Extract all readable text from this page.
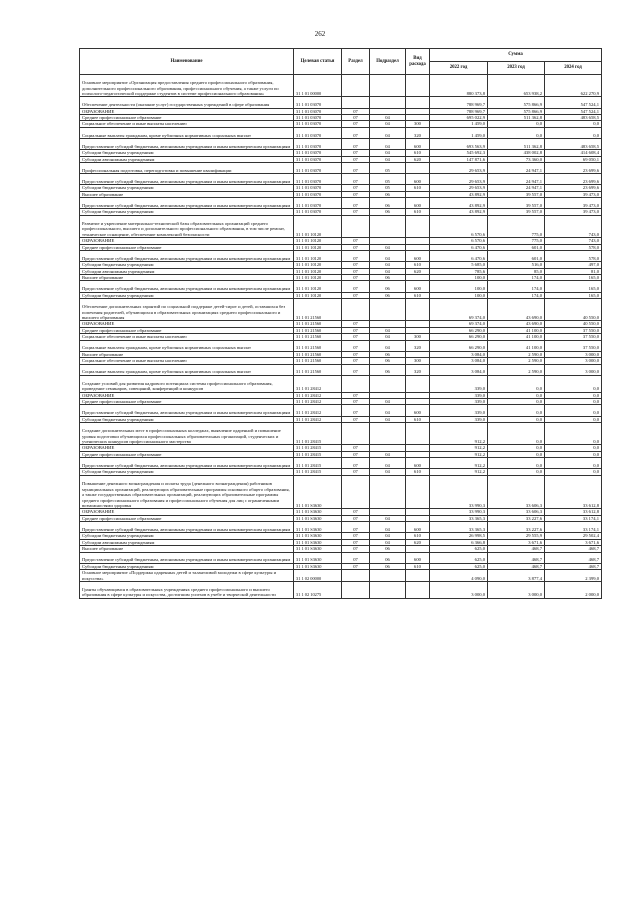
262
Наименование	Целевая статья	Раздел	Подраздел	Вид расхода	Сумма		
					2022 год	2023 год	2024 год
Основное мероприятие «Организация предоставления среднего профессионального образования, дополнительного профессионального образования, профессионального обучения, а также услуги по психолого-педагогической поддержке студентов в системе профессионального образования»	31 1 01 00000				880 373,8	653 938,2	622 270,9
Обеспечение деятельности (оказание услуг) государственных учреждений в сфере образования	31 1 01 03070				788 969,7	575 866,9	547 524,1
ОБРАЗОВАНИЕ	31 1 01 03070	07			788 969,7	575 866,9	547 524,1
Среднее профессиональное образование	31 1 01 03070	07	04		695 022,9	511 362,8	483 658,5
Социальное обеспечение и иные выплаты населению	31 1 01 03070	07	04	300	1 459,0	0,0	0,0
Социальные выплаты гражданам, кроме публичных нормативных социальных выплат	31 1 01 03070	07	04	320	1 459,0	0,0	0,0
Предоставление субсидий бюджетным, автономным учреждениям и иным некоммерческим организациям	31 1 01 03070	07	04	600	693 563,9	511 362,8	483 658,5
Субсидии бюджетным учреждениям	31 1 01 03070	07	04	610	545 692,3	438 002,8	414 608,4
Субсидии автономным учреждениям	31 1 01 03070	07	04	620	147 871,6	73 360,0	69 050,1
Профессиональная подготовка, переподготовка и повышение квалификации	31 1 01 03070	07	05		29 653,9	24 947,1	23 699,6
Предоставление субсидий бюджетным, автономным учреждениям и иным некоммерческим организациям	31 1 01 03070	07	05	600	29 653,9	24 947,1	23 699,6
Субсидии бюджетным учреждениям	31 1 01 03070	07	05	610	29 653,9	24 947,1	23 699,6
Высшее образование	31 1 01 03070	07	06		43 892,9	39 557,0	39 473,0
Предоставление субсидий бюджетным, автономным учреждениям и иным некоммерческим организациям	31 1 01 03070	07	06	600	43 892,9	39 557,0	39 473,0
Субсидии бюджетным учреждениям	31 1 01 03070	07	06	610	43 892,9	39 557,0	39 473,0
Развитие и укрепление материально-технической базы образовательных организаций среднего профессионального, высшего и дополнительного профессионального образования, в том числе ремонт, техническое оснащение, обеспечение комплексной безопасности	31 1 01 10120				6 570,6	775,0	743,0
ОБРАЗОВАНИЕ	31 1 01 10120	07			6 570,6	775,0	743,0
Среднее профессиональное образование	31 1 01 10120	07	04		6 470,6	601,0	578,0
Предоставление субсидий бюджетным, автономным учреждениям и иным некоммерческим организациям	31 1 01 10120	07	04	600	6 470,6	601,0	578,0
Субсидии бюджетным учреждениям	31 1 01 10120	07	04	610	5 685,0	516,0	497,0
Субсидии автономным учреждениям	31 1 01 10120	07	04	620	785,6	85,0	81,0
Высшее образование	31 1 01 10120	07	06		100,0	174,0	165,0
Предоставление субсидий бюджетным, автономным учреждениям и иным некоммерческим организациям	31 1 01 10120	07	06	600	100,0	174,0	165,0
Субсидии бюджетным учреждениям	31 1 01 10120	07	06	610	100,0	174,0	165,0
Обеспечение дополнительных гарантий по социальной поддержке детей-сирот и детей, оставшихся без попечения родителей, обучающихся в образовательных организациях среднего профессионального и высшего образования	31 1 01 21560				69 374,0	43 690,0	40 550,0
ОБРАЗОВАНИЕ	31 1 01 21560	07			69 374,0	43 690,0	40 550,0
Среднее профессиональное образование	31 1 01 21560	07	04		66 290,0	41 100,0	37 550,0
Социальное обеспечение и иные выплаты населению	31 1 01 21560	07	04	300	66 290,0	41 100,0	37 550,0
Социальные выплаты гражданам, кроме публичных нормативных социальных выплат	31 1 01 21560	07	04	320	66 290,0	41 100,0	37 550,0
Высшее образование	31 1 01 21560	07	06		3 084,0	2 590,0	3 000,0
Социальное обеспечение и иные выплаты населению	31 1 01 21560	07	06	300	3 084,0	2 590,0	3 000,0
Социальные выплаты гражданам, кроме публичных нормативных социальных выплат	31 1 01 21560	07	06	320	3 084,0	2 590,0	3 000,0
Создание условий для развития кадрового потенциала системы профессионального образования, проведение семинаров, совещаний, конференций и конкурсов	31 1 01 28412				339,0	0,0	0,0
ОБРАЗОВАНИЕ	31 1 01 28412	07			339,0	0,0	0,0
Среднее профессиональное образование	31 1 01 28412	07	04		339,0	0,0	0,0
Предоставление субсидий бюджетным, автономным учреждениям и иным некоммерческим организациям	31 1 01 28412	07	04	600	339,0	0,0	0,0
Субсидии бюджетным учреждениям	31 1 01 28412	07	04	610	339,0	0,0	0,0
Создание дополнительных мест в профессиональных колледжах, выявление одаренной и повышение уровня подготовки обучающихся профессиональных образовательных организаций, студенческих и ученических конкурсов профессионального мастерства	31 1 01 28415				912,2	0,0	0,0
ОБРАЗОВАНИЕ	31 1 01 28415	07			912,2	0,0	0,0
Среднее профессиональное образование	31 1 01 28415	07	04		912,2	0,0	0,0
Предоставление субсидий бюджетным, автономным учреждениям и иным некоммерческим организациям	31 1 01 28415	07	04	600	912,2	0,0	0,0
Субсидии бюджетным учреждениям	31 1 01 28415	07	04	610	912,2	0,0	0,0
Повышение денежного вознаграждения и оплаты труда (денежного вознаграждения) работников муниципальных организаций, реализующих образовательные программы основного общего образования, а также государственных образовательных организаций, реализующих образовательные программы среднего профессионального образования и профессионального обучения для лиц с ограниченными возможностями здоровья	31 1 01 S3630				33 990,3	33 606,3	33 612,8
ОБРАЗОВАНИЕ	31 1 01 S3630	07			33 990,3	33 606,3	33 612,8
Среднее профессиональное образование	31 1 01 S3630	07	04		33 365,3	33 227,6	33 174,1
Предоставление субсидий бюджетным, автономным учреждениям и иным некоммерческим организациям	31 1 01 S3630	07	04	600	33 365,3	33 227,6	33 174,1
Субсидии бюджетным учреждениям	31 1 01 S3630	07	04	610	26 998,5	29 555,9	29 502,4
Субсидии автономным учреждениям	31 1 01 S3630	07	04	620	6 366,8	3 671,6	3 671,6
Высшее образование	31 1 01 S3630	07	06		625,0	468,7	468,7
Предоставление субсидий бюджетным, автономным учреждениям и иным некоммерческим организациям	31 1 01 S3630	07	06	600	625,0	468,7	468,7
Субсидии бюджетным учреждениям	31 1 01 S3630	07	06	610	625,0	468,7	468,7
Основное мероприятие «Поддержка одаренных детей и талантливой молодежи в сфере культуры и искусства»	31 1 02 00000				4 090,0	3 877,4	2 399,0
Гранты обучающимся в образовательных учреждениях среднего профессионального и высшего образования в сфере культуры и искусства, достигшим успехов в учебе и творческой деятельности	31 1 02 10275				3 000,0	3 000,0	2 000,0
